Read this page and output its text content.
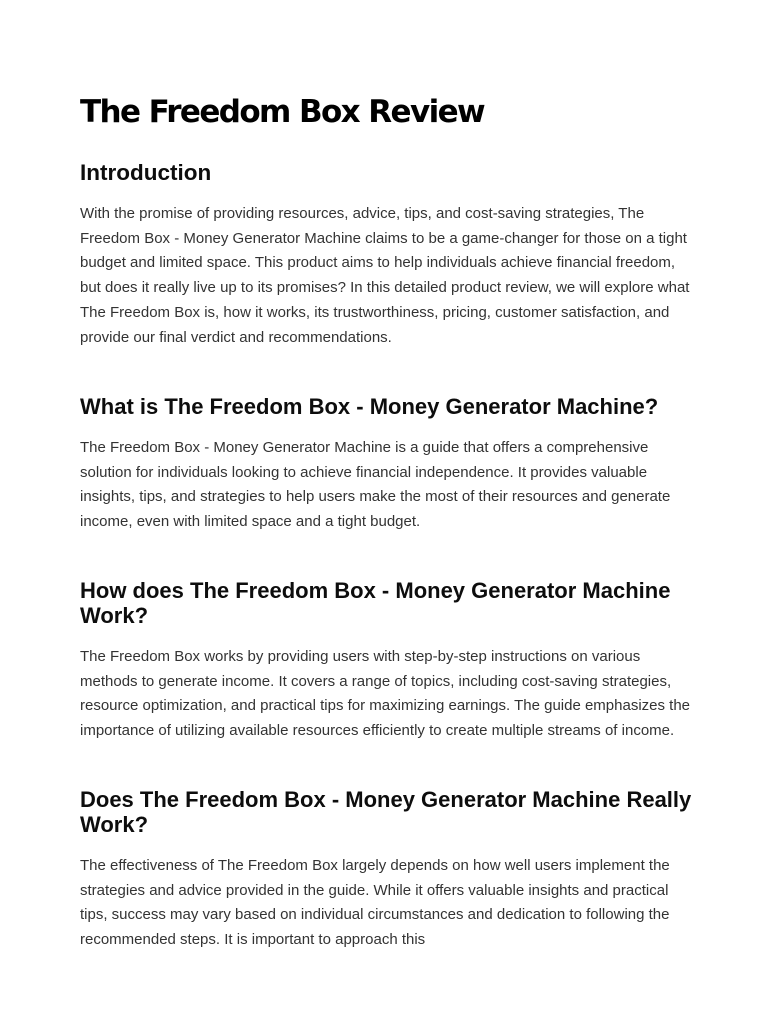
The Freedom Box Review
Introduction

With the promise of providing resources, advice, tips, and cost-saving strategies, The Freedom Box - Money Generator Machine claims to be a game-changer for those on a tight budget and limited space. This product aims to help individuals achieve financial freedom, but does it really live up to its promises? In this detailed product review, we will explore what The Freedom Box is, how it works, its trustworthiness, pricing, customer satisfaction, and provide our final verdict and recommendations.

What is The Freedom Box - Money Generator Machine?

The Freedom Box - Money Generator Machine is a guide that offers a comprehensive solution for individuals looking to achieve financial independence. It provides valuable insights, tips, and strategies to help users make the most of their resources and generate income, even with limited space and a tight budget.

How does The Freedom Box - Money Generator Machine Work?

The Freedom Box works by providing users with step-by-step instructions on various methods to generate income. It covers a range of topics, including cost-saving strategies, resource optimization, and practical tips for maximizing earnings. The guide emphasizes the importance of utilizing available resources efficiently to create multiple streams of income.

Does The Freedom Box - Money Generator Machine Really Work?

The effectiveness of The Freedom Box largely depends on how well users implement the strategies and advice provided in the guide. While it offers valuable insights and practical tips, success may vary based on individual circumstances and dedication to following the recommended steps. It is important to approach this
